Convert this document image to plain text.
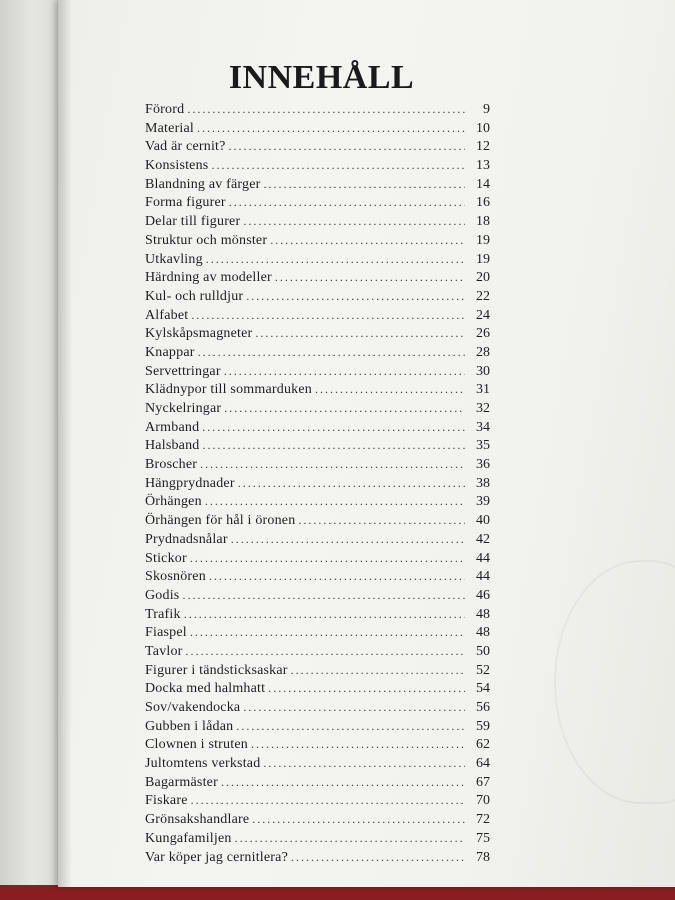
INNEHÅLL
Förord .....	9
Material .....	10
Vad är cernit? .....	12
Konsistens .....	13
Blandning av färger .....	14
Forma figurer .....	16
Delar till figurer .....	18
Struktur och mönster .....	19
Utkavling .....	19
Härdning av modeller .....	20
Kul- och rulldjur .....	22
Alfabet .....	24
Kylskåpsmagneter .....	26
Knappar .....	28
Servettringar .....	30
Klädnypor till sommarduken .....	31
Nyckelringar .....	32
Armband .....	34
Halsband .....	35
Broscher .....	36
Hängprydnader .....	38
Örhängen .....	39
Örhängen för hål i öronen .....	40
Prydnadsnålar .....	42
Stickor .....	44
Skosnören .....	44
Godis .....	46
Trafik .....	48
Fiaspel .....	48
Tavlor .....	50
Figurer i tändsticksaskar .....	52
Docka med halmhatt .....	54
Sov/vakendocka .....	56
Gubben i lådan .....	59
Clownen i struten .....	62
Jultomtens verkstad .....	64
Bagarmäster .....	67
Fiskare .....	70
Grönsakshandlare .....	72
Kungafamiljen .....	75
Var köper jag cernitlera? .....	78
